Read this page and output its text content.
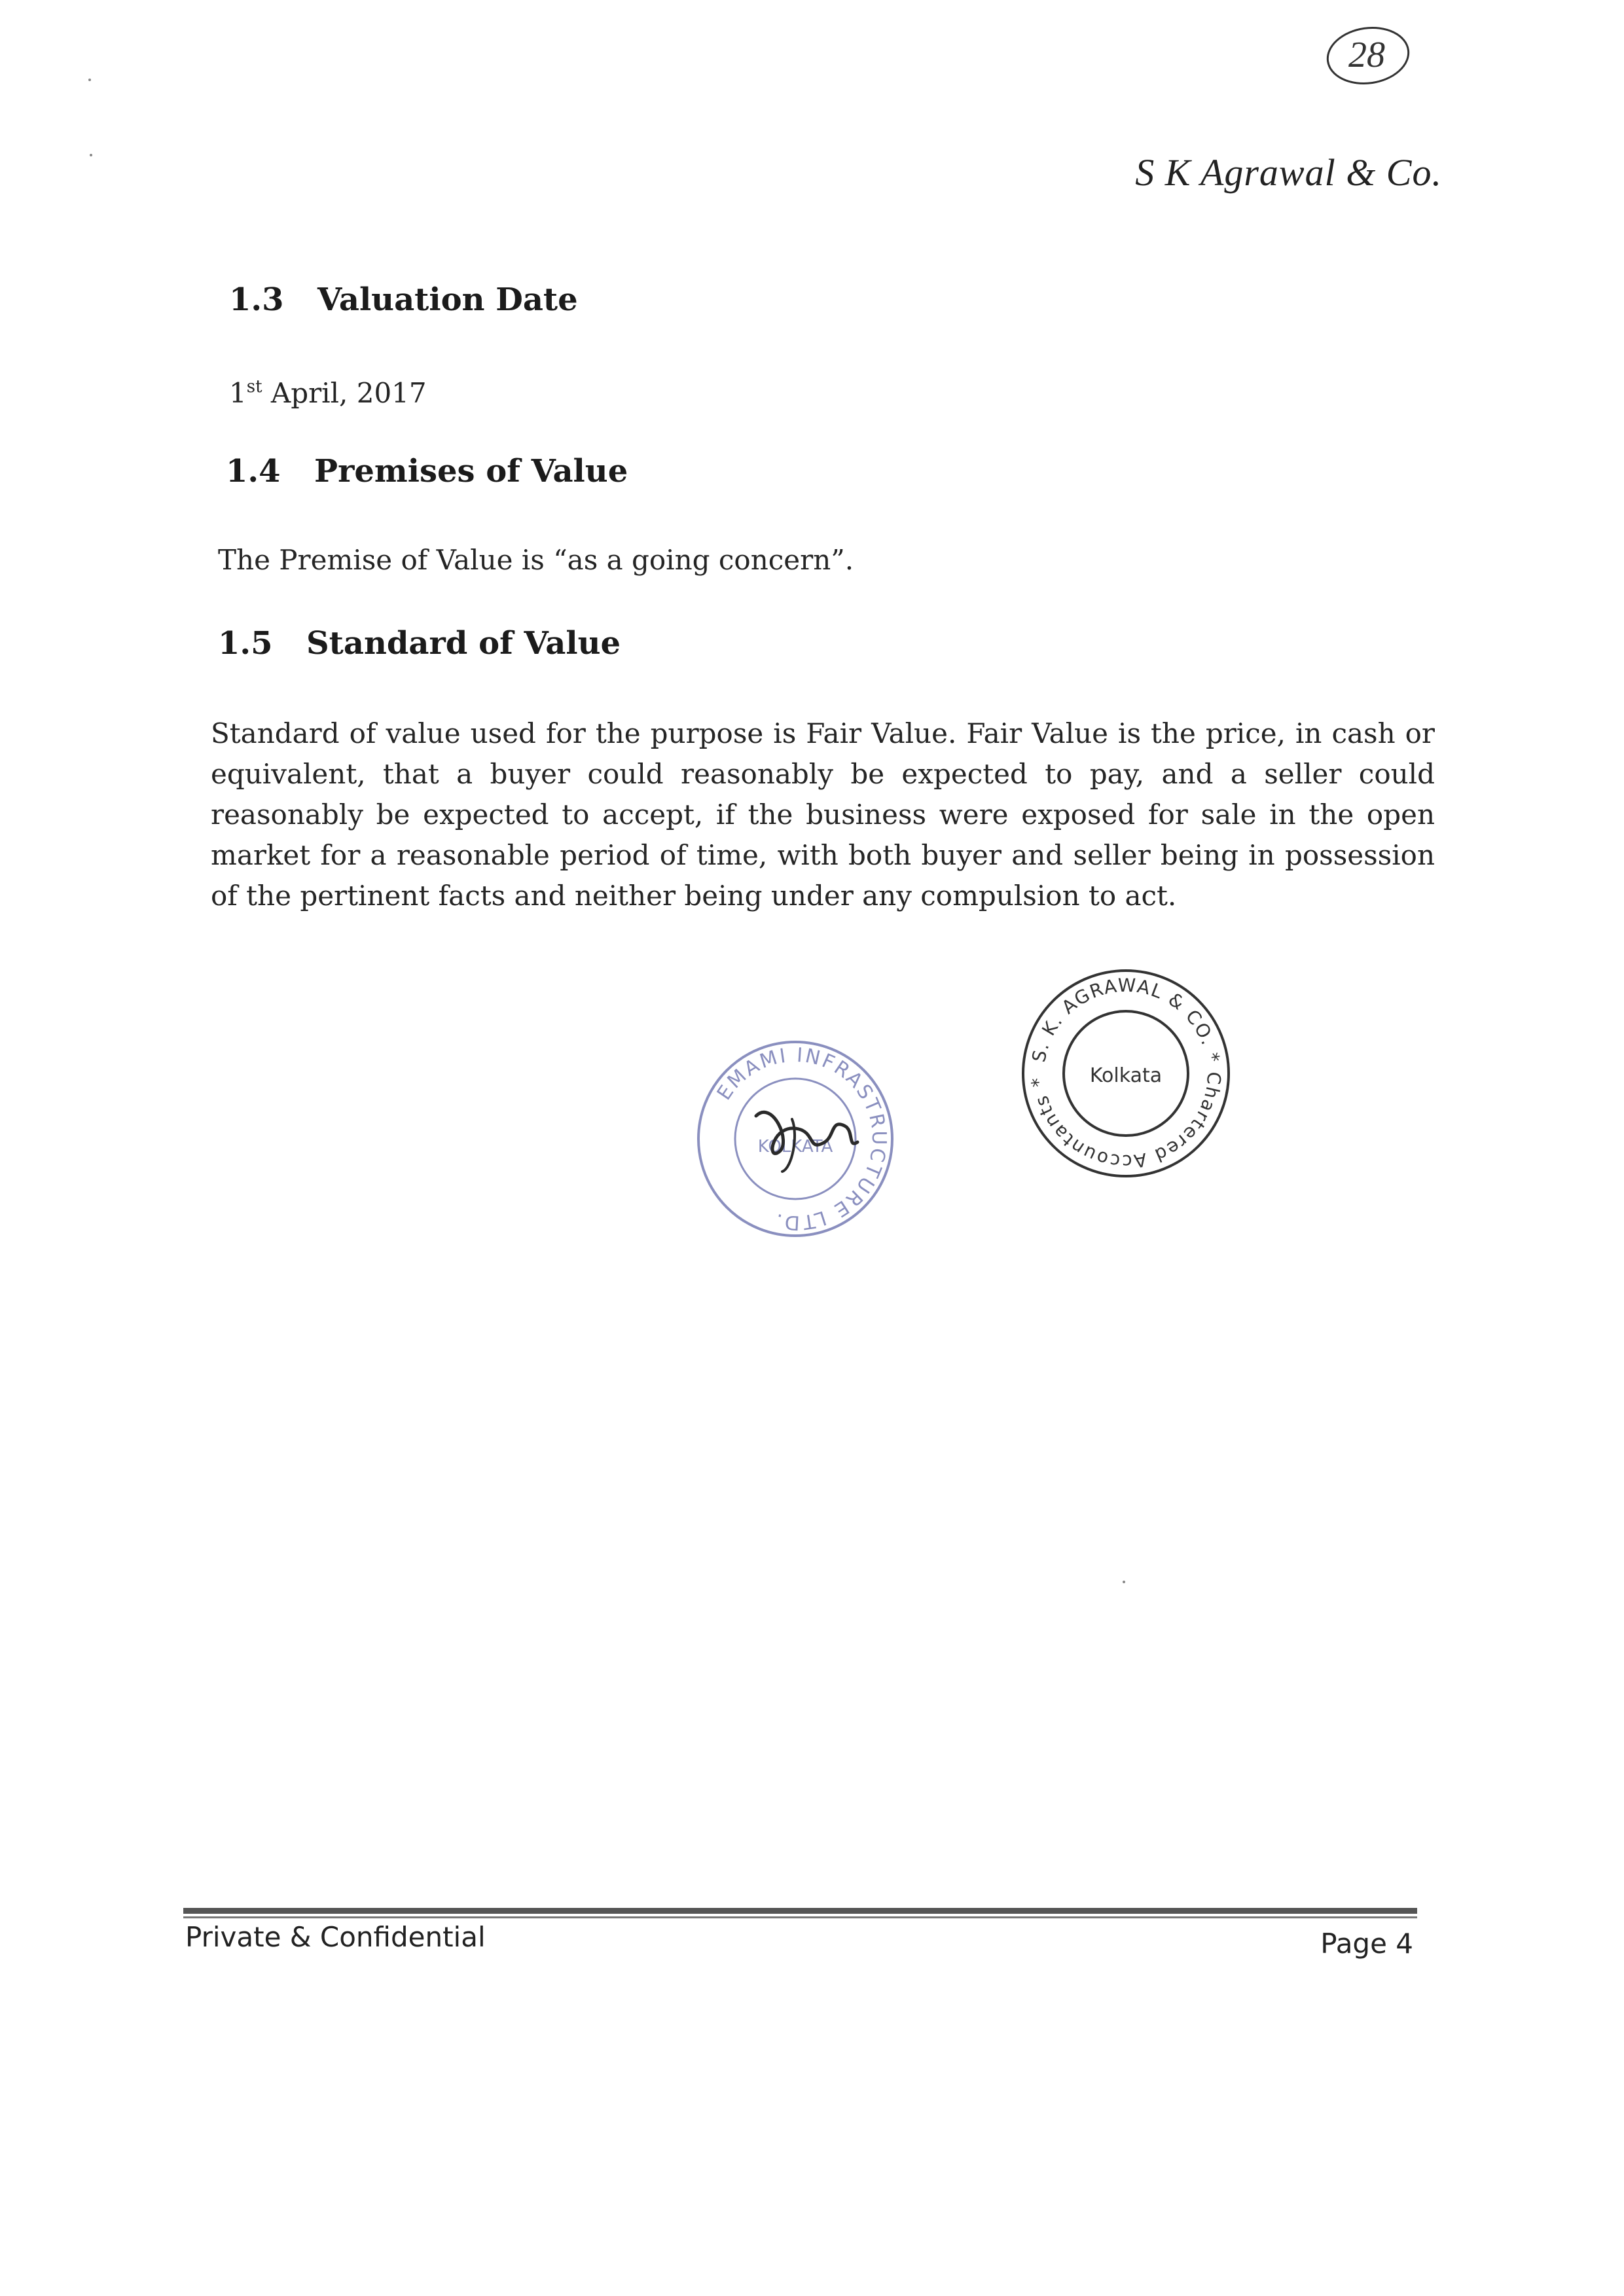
28
S K Agrawal & Co.
1.3 Valuation Date
1st April, 2017
1.4 Premises of Value
The Premise of Value is “as a going concern”.
1.5 Standard of Value
Standard of value used for the purpose is Fair Value. Fair Value is the price, in cash or equivalent, that a buyer could reasonably be expected to pay, and a seller could reasonably be expected to accept, if the business were exposed for sale in the open market for a reasonable period of time, with both buyer and seller being in possession of the pertinent facts and neither being under any compulsion to act.
EMAMI INFRASTRUCTURE LTD.
KOLKATA
S. K. AGRAWAL & CO. * Chartered Accountants *	Kolkata
Private & Confidential	Page 4
